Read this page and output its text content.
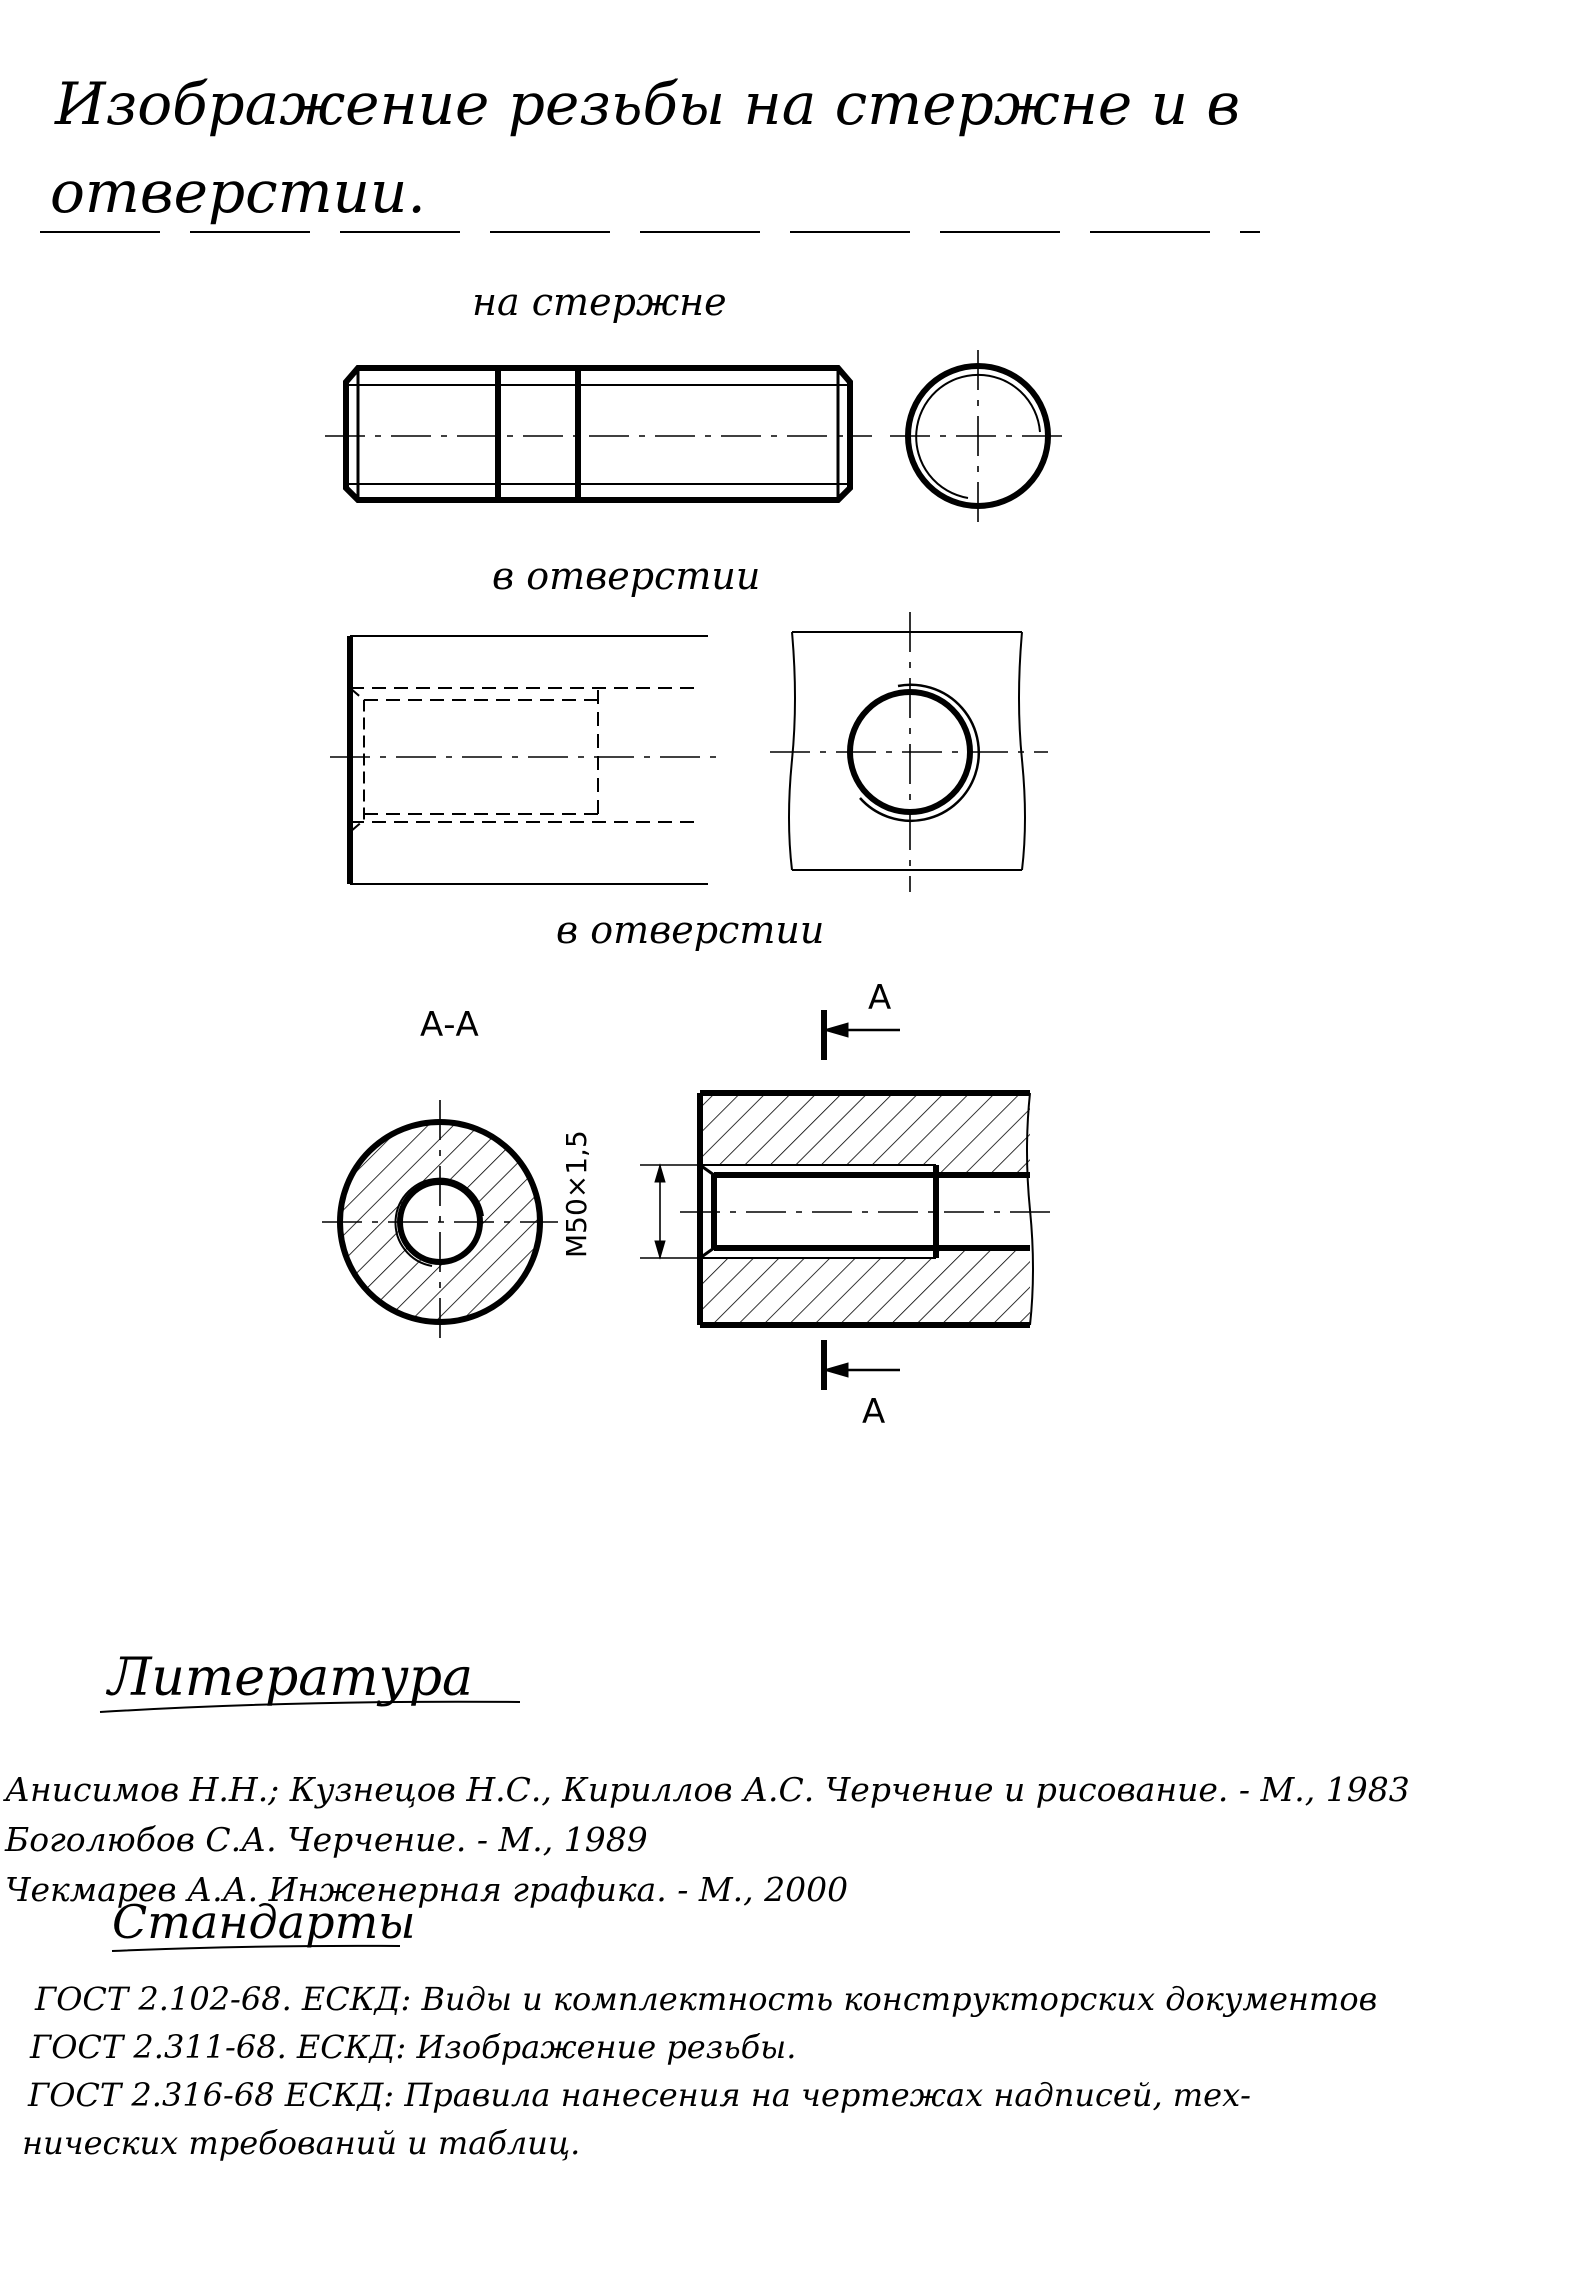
Изображение резьбы на стержне и в
отверстии.
на стержне
в отверстии
в отверстии
А-А
А
А
М50×1,5
Литература
Анисимов Н.Н.; Кузнецов Н.С., Кириллов А.С. Черчение и рисование. - М., 1983
Боголюбов С.А. Черчение. - М., 1989
Чекмарев А.А. Инженерная графика. - М., 2000
Стандарты
ГОСТ 2.102-68. ЕСКД: Виды и комплектность конструкторских документов
ГОСТ 2.311-68. ЕСКД: Изображение резьбы.
ГОСТ 2.316-68 ЕСКД: Правила нанесения на чертежах надписей, тех-
нических требований и таблиц.
